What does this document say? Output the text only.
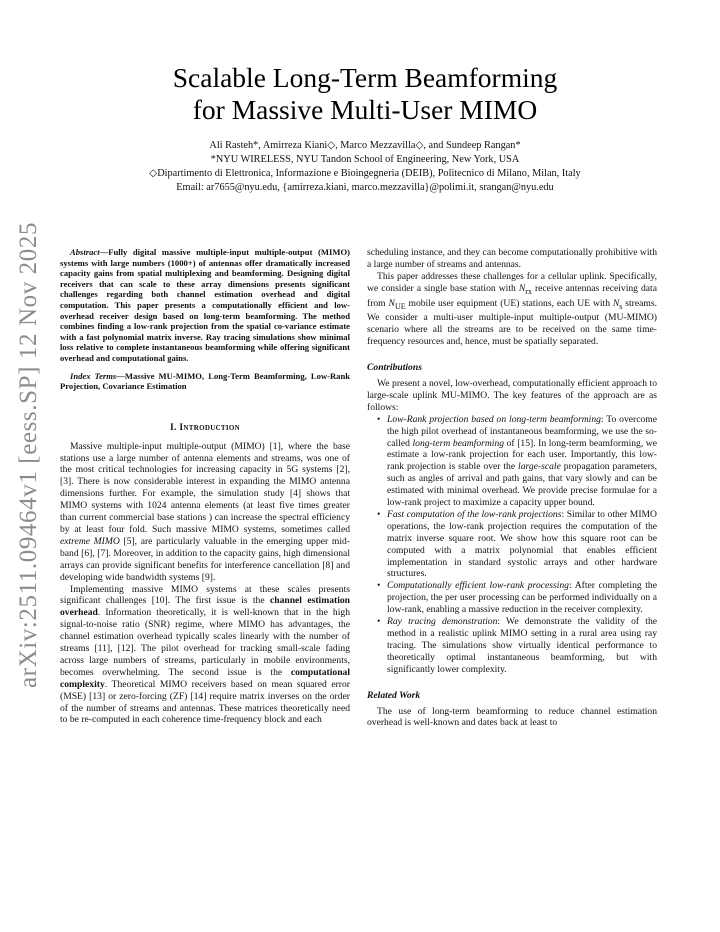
arXiv:2511.09464v1 [eess.SP] 12 Nov 2025
Scalable Long-Term Beamforming
for Massive Multi-User MIMO
Ali Rasteh*, Amirreza Kiani◇, Marco Mezzavilla◇, and Sundeep Rangan*
*NYU WIRELESS, NYU Tandon School of Engineering, New York, USA
◇Dipartimento di Elettronica, Informazione e Bioingegneria (DEIB), Politecnico di Milano, Milan, Italy
Email: ar7655@nyu.edu, {amirreza.kiani, marco.mezzavilla}@polimi.it, srangan@nyu.edu

Abstract—Fully digital massive multiple-input multiple-output (MIMO) systems with large numbers (1000+) of antennas offer dramatically increased capacity gains from spatial multiplexing and beamforming. Designing digital receivers that can scale to these array dimensions presents significant challenges regarding both channel estimation overhead and digital computation. This paper presents a computationally efficient and low-overhead receiver design based on long-term beamforming. The method combines finding a low-rank projection from the spatial co-variance estimate with a fast polynomial matrix inverse. Ray tracing simulations show minimal loss relative to complete instantaneous beamforming while offering significant overhead and computational gains.

Index Terms—Massive MU-MIMO, Long-Term Beamforming, Low-Rank Projection, Covariance Estimation

I. Introduction

Massive multiple-input multiple-output (MIMO) [1], where the base stations use a large number of antenna elements and streams, was one of the most critical technologies for increasing capacity in 5G systems [2], [3]. There is now considerable interest in expanding the MIMO antenna dimensions further. For example, the simulation study [4] shows that MIMO systems with 1024 antenna elements (at least five times greater than current commercial base stations ) can increase the spectral efficiency by at least four fold. Such massive MIMO systems, sometimes called extreme MIMO [5], are particularly valuable in the emerging upper mid-band [6], [7]. Moreover, in addition to the capacity gains, high dimensional arrays can provide significant benefits for interference cancellation [8] and developing wide bandwidth systems [9].

Implementing massive MIMO systems at these scales presents significant challenges [10]. The first issue is the channel estimation overhead. Information theoretically, it is well-known that in the high signal-to-noise ratio (SNR) regime, where MIMO has advantages, the channel estimation overhead typically scales linearly with the number of streams [11], [12]. The pilot overhead for tracking small-scale fading across large numbers of streams, particularly in mobile environments, becomes overwhelming. The second issue is the computational complexity. Theoretical MIMO receivers based on mean squared error (MSE) [13] or zero-forcing (ZF) [14] require matrix inverses on the order of the number of streams and antennas. These matrices theoretically need to be re-computed in each coherence time-frequency block and each

scheduling instance, and they can become computationally prohibitive with a large number of streams and antennas.

This paper addresses these challenges for a cellular uplink. Specifically, we consider a single base station with $N_{rx}$ receive antennas receiving data from $N_{UE}$ mobile user equipment (UE) stations, each UE with $N_s$ streams. We consider a multi-user multiple-input multiple-output (MU-MIMO) scenario where all the streams are to be received on the same time-frequency resources and, hence, must be spatially separated.

Contributions

We present a novel, low-overhead, computationally efficient approach to large-scale uplink MU-MIMO. The key features of the approach are as follows:

• Low-Rank projection based on long-term beamforming: To overcome the high pilot overhead of instantaneous beamforming, we use the so-called long-term beamforming of [15]. In long-term beamforming, we estimate a low-rank projection for each user. Importantly, this low-rank projection is stable over the large-scale propagation parameters, such as angles of arrival and path gains, that vary slowly and can be estimated with minimal overhead. We provide precise formulae for a low-rank project to maximize a capacity upper bound.
• Fast computation of the low-rank projections: Similar to other MIMO operations, the low-rank projection requires the computation of the matrix inverse square root. We show how this square root can be computed with a matrix polynomial that enables efficient implementation in standard systolic arrays and other hardware structures.
• Computationally efficient low-rank processing: After completing the projection, the per user processing can be performed individually on a low-rank, enabling a massive reduction in the receiver complexity.
• Ray tracing demonstration: We demonstrate the validity of the method in a realistic uplink MIMO setting in a rural area using ray tracing. The simulations show virtually identical performance to theoretically optimal instantaneous beamforming, but with significantly lower complexity.
Related Work

The use of long-term beamforming to reduce channel estimation overhead is well-known and dates back at least to
